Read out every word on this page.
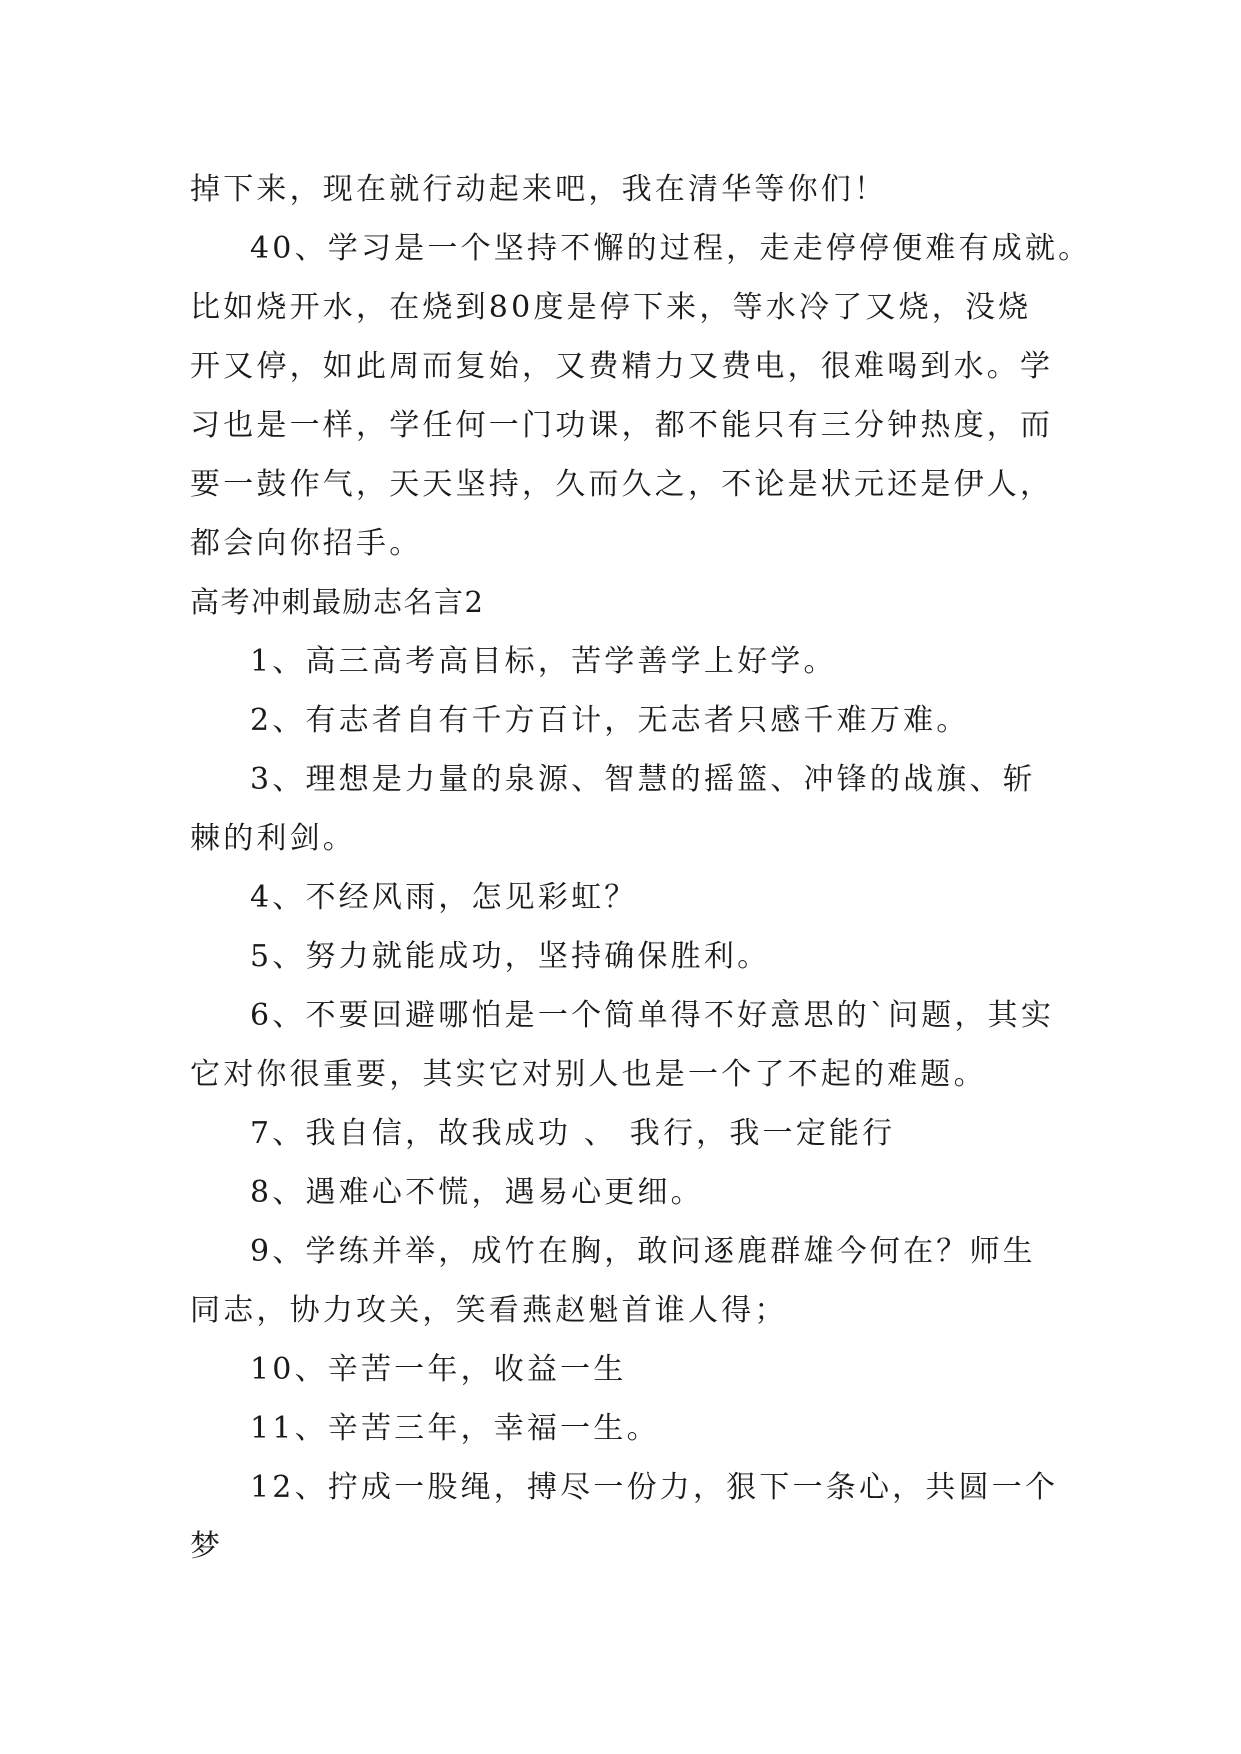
掉下来，现在就行动起来吧，我在清华等你们！
40、学习是一个坚持不懈的过程，走走停停便难有成就。
比如烧开水，在烧到80度是停下来，等水冷了又烧，没烧
开又停，如此周而复始，又费精力又费电，很难喝到水。学
习也是一样，学任何一门功课，都不能只有三分钟热度，而
要一鼓作气，天天坚持，久而久之，不论是状元还是伊人，
都会向你招手。
高考冲刺最励志名言2
1、高三高考高目标，苦学善学上好学。
2、有志者自有千方百计，无志者只感千难万难。
3、理想是力量的泉源、智慧的摇篮、冲锋的战旗、斩
棘的利剑。
4、不经风雨，怎见彩虹？
5、努力就能成功，坚持确保胜利。
6、不要回避哪怕是一个简单得不好意思的`问题，其实
它对你很重要，其实它对别人也是一个了不起的难题。
7、我自信，故我成功 、 我行，我一定能行
8、遇难心不慌，遇易心更细。
9、学练并举，成竹在胸，敢问逐鹿群雄今何在？师生
同志，协力攻关，笑看燕赵魁首谁人得；
10、辛苦一年，收益一生
11、辛苦三年，幸福一生。
12、拧成一股绳，搏尽一份力，狠下一条心，共圆一个
梦
